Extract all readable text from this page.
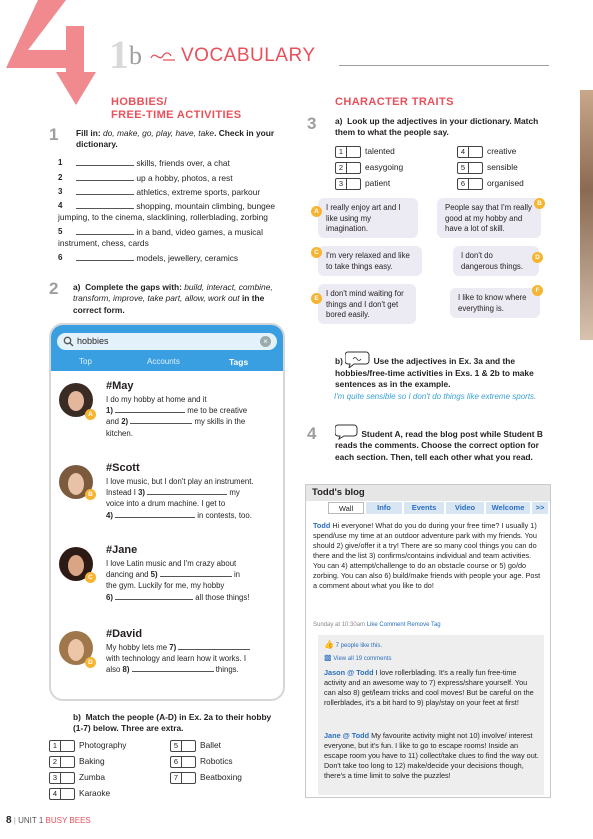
1 b VOCABULARY
HOBBIES/
FREE-TIME ACTIVITIES
1 Fill in: do, make, go, play, have, take. Check in your dictionary.
1	skills, friends over, a chat
2	up a hobby, photos, a rest
3	athletics, extreme sports, parkour
4	shopping, mountain climbing, bungee jumping, to the cinema, slacklining, rollerblading, zorbing
5	in a band, video games, a musical instrument, chess, cards
6	models, jewellery, ceramics
2 a) Complete the gaps with: build, interact, combine, transform, improve, take part, allow, work out in the correct form.
hobbies	×
Top	Accounts	Tags
A
#May
I do my hobby at home and it
1)	me to be creative
and 2)	my skills in the
kitchen.
B
#Scott
I love music, but I don't play an instrument.
Instead I 3)	my
voice into a drum machine. I get to
4)	in contests, too.
C
#Jane
I love Latin music and I'm crazy about
dancing and 5)	in
the gym. Luckily for me, my hobby
6)	all those things!
D
#David
My hobby lets me 7)
with technology and learn how it works. I
also 8)	things.
b) Match the people (A-D) in Ex. 2a to their hobby (1-7) below. Three are extra.
1	Photography
2	Baking
3	Zumba
4	Karaoke
5	Ballet
6	Robotics
7	Beatboxing
CHARACTER TRAITS
3 a) Look up the adjectives in your dictionary. Match them to what the people say.
1	talented
2	easygoing
3	patient
4	creative
5	sensible
6	organised
I really enjoy art and I like using my imagination.
A	People say that I'm really good at my hobby and have a lot of skill.
B
I'm very relaxed and like to take things easy.
C	I don't do dangerous things.
D
I don't mind waiting for things and I don't get bored easily.
E	I like to know where everything is.
F
b)	Use the adjectives in Ex. 3a and the hobbies/free-time activities in Exs. 1 & 2b to make sentences as in the example.
I'm quite sensible so I don't do things like extreme sports.
4	Student A, read the blog post while Student B reads the comments. Choose the correct option for each section. Then, tell each other what you read.
Todd's blog
Wall	Info	Events	Video	Welcome	>>
Todd Hi everyone! What do you do during your free time? I usually 1) spend/use my time at an outdoor adventure park with my friends. You should 2) give/offer it a try! There are so many cool things you can do there and the list 3) confirms/contains individual and team activities. You can 4) attempt/challenge to do an obstacle course or 5) go/do zorbing. You can also 6) build/make friends with people your age. Post a comment about what you like to do!
Sunday at 10:30am Like Comment Remove Tag
👍 7 people like this.
▩ View all 19 comments
Jason @ Todd I love rollerblading. It's a really fun free-time activity and an awesome way to 7) express/share yourself. You can also 8) get/learn tricks and cool moves! But be careful on the rollerblades, it's a bit hard to 9) play/stay on your feet at first!
Jane @ Todd My favourite activity might not 10) involve/ interest everyone, but it's fun. I like to go to escape rooms! Inside an escape room you have to 11) collect/take clues to find the way out. Don't take too long to 12) make/decide your decisions though, there's a time limit to solve the puzzles!
8 | UNIT 1 BUSY BEES
